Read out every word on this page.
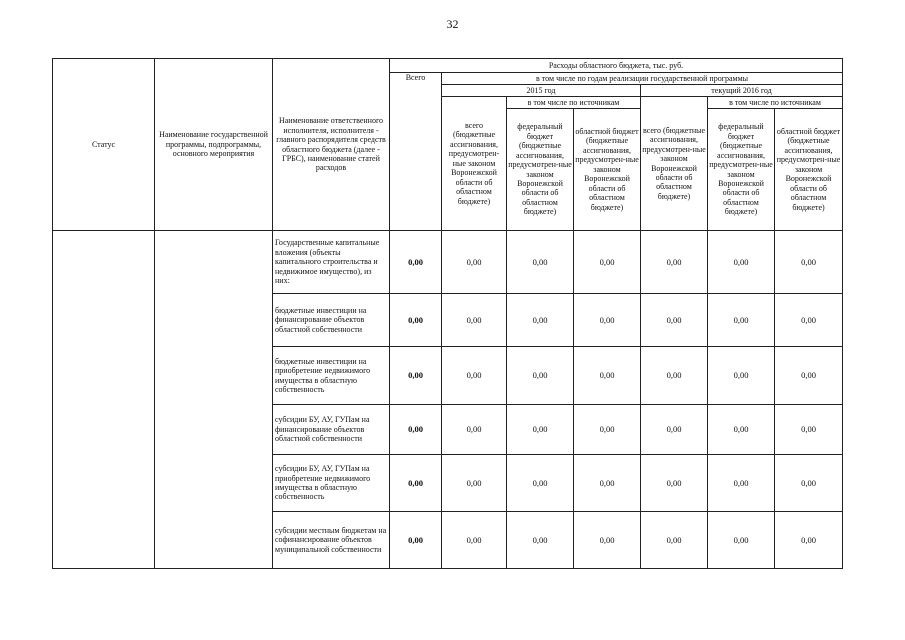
32
Статус	Наименование государственной программы, подпрограммы, основного мероприятия	Наименование ответственного исполнителя, исполнителя - главного распорядителя средств областного бюджета (далее - ГРБС), наименование статей расходов	Расходы областного бюджета, тыс. руб.						
			Всего	в том числе по годам реализации государственной программы					
				2015 год			текущий 2016 год		
				всего (бюджетные ассигнования, предусмотрен-ные законом Воронежской области об областном бюджете)	в том числе по источникам		всего (бюджетные ассигнования, предусмотрен-ные законом Воронежской области об областном бюджете)	в том числе по источникам	
					федеральный бюджет (бюджетные ассигнования, предусмотрен-ные законом Воронежской области об областном бюджете)	областной бюджет (бюджетные ассигнования, предусмотрен-ные законом Воронежской области об областном бюджете)		федеральный бюджет (бюджетные ассигнования, предусмотрен-ные законом Воронежской области об областном бюджете)	областной бюджет (бюджетные ассигнования, предусмотрен-ные законом Воронежской области об областном бюджете)
		Государственные капитальные вложения (объекты капитального строительства и недвижимое имущество), из них:	0,00	0,00	0,00	0,00	0,00	0,00	0,00
		бюджетные инвестиции на финансирование объектов областной собственности	0,00	0,00	0,00	0,00	0,00	0,00	0,00
		бюджетные инвестиции на приобретение недвижимого имущества в областную собственность	0,00	0,00	0,00	0,00	0,00	0,00	0,00
		субсидии БУ, АУ, ГУПам на финансирование объектов областной собственности	0,00	0,00	0,00	0,00	0,00	0,00	0,00
		субсидии БУ, АУ, ГУПам на приобретение недвижимого имущества в областную собственность	0,00	0,00	0,00	0,00	0,00	0,00	0,00
		субсидии местным бюджетам на софинансирование объектов муниципальной собственности	0,00	0,00	0,00	0,00	0,00	0,00	0,00
